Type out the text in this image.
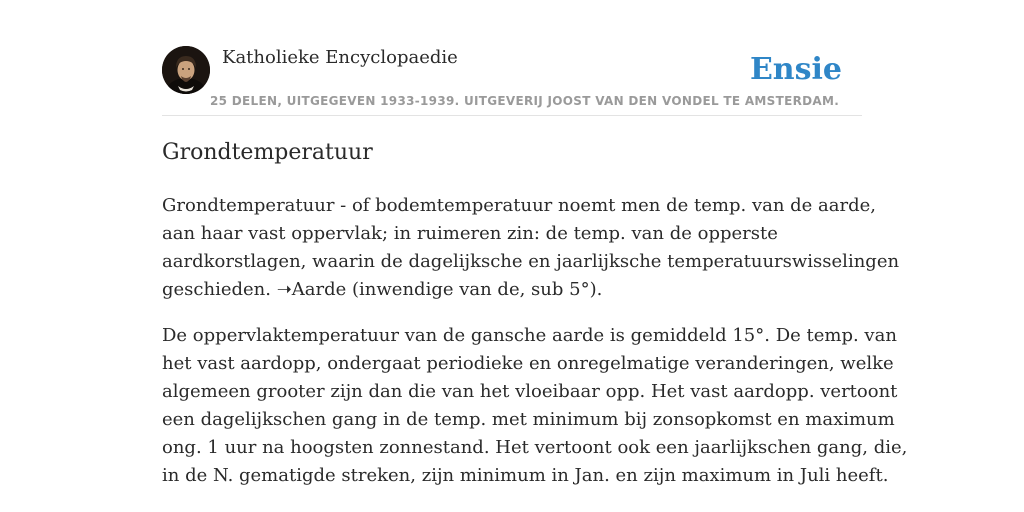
Katholieke Encyclopaedie	Ensie
25 DELEN, UITGEGEVEN 1933-1939. UITGEVERIJ JOOST VAN DEN VONDEL TE AMSTERDAM.
Grondtemperatuur

Grondtemperatuur - of bodemtemperatuur noemt men de temp. van de aarde,
aan haar vast oppervlak; in ruimeren zin: de temp. van de opperste
aardkorstlagen, waarin de dagelijksche en jaarlijksche temperatuurswisselingen
geschieden. ➝Aarde (inwendige van de, sub 5°).

De oppervlaktemperatuur van de gansche aarde is gemiddeld 15°. De temp. van
het vast aardopp, ondergaat periodieke en onregelmatige veranderingen, welke
algemeen grooter zijn dan die van het vloeibaar opp. Het vast aardopp. vertoont
een dagelijkschen gang in de temp. met minimum bij zonsopkomst en maximum
ong. 1 uur na hoogsten zonnestand. Het vertoont ook een jaarlijkschen gang, die,
in de N. gematigde streken, zijn minimum in Jan. en zijn maximum in Juli heeft.
